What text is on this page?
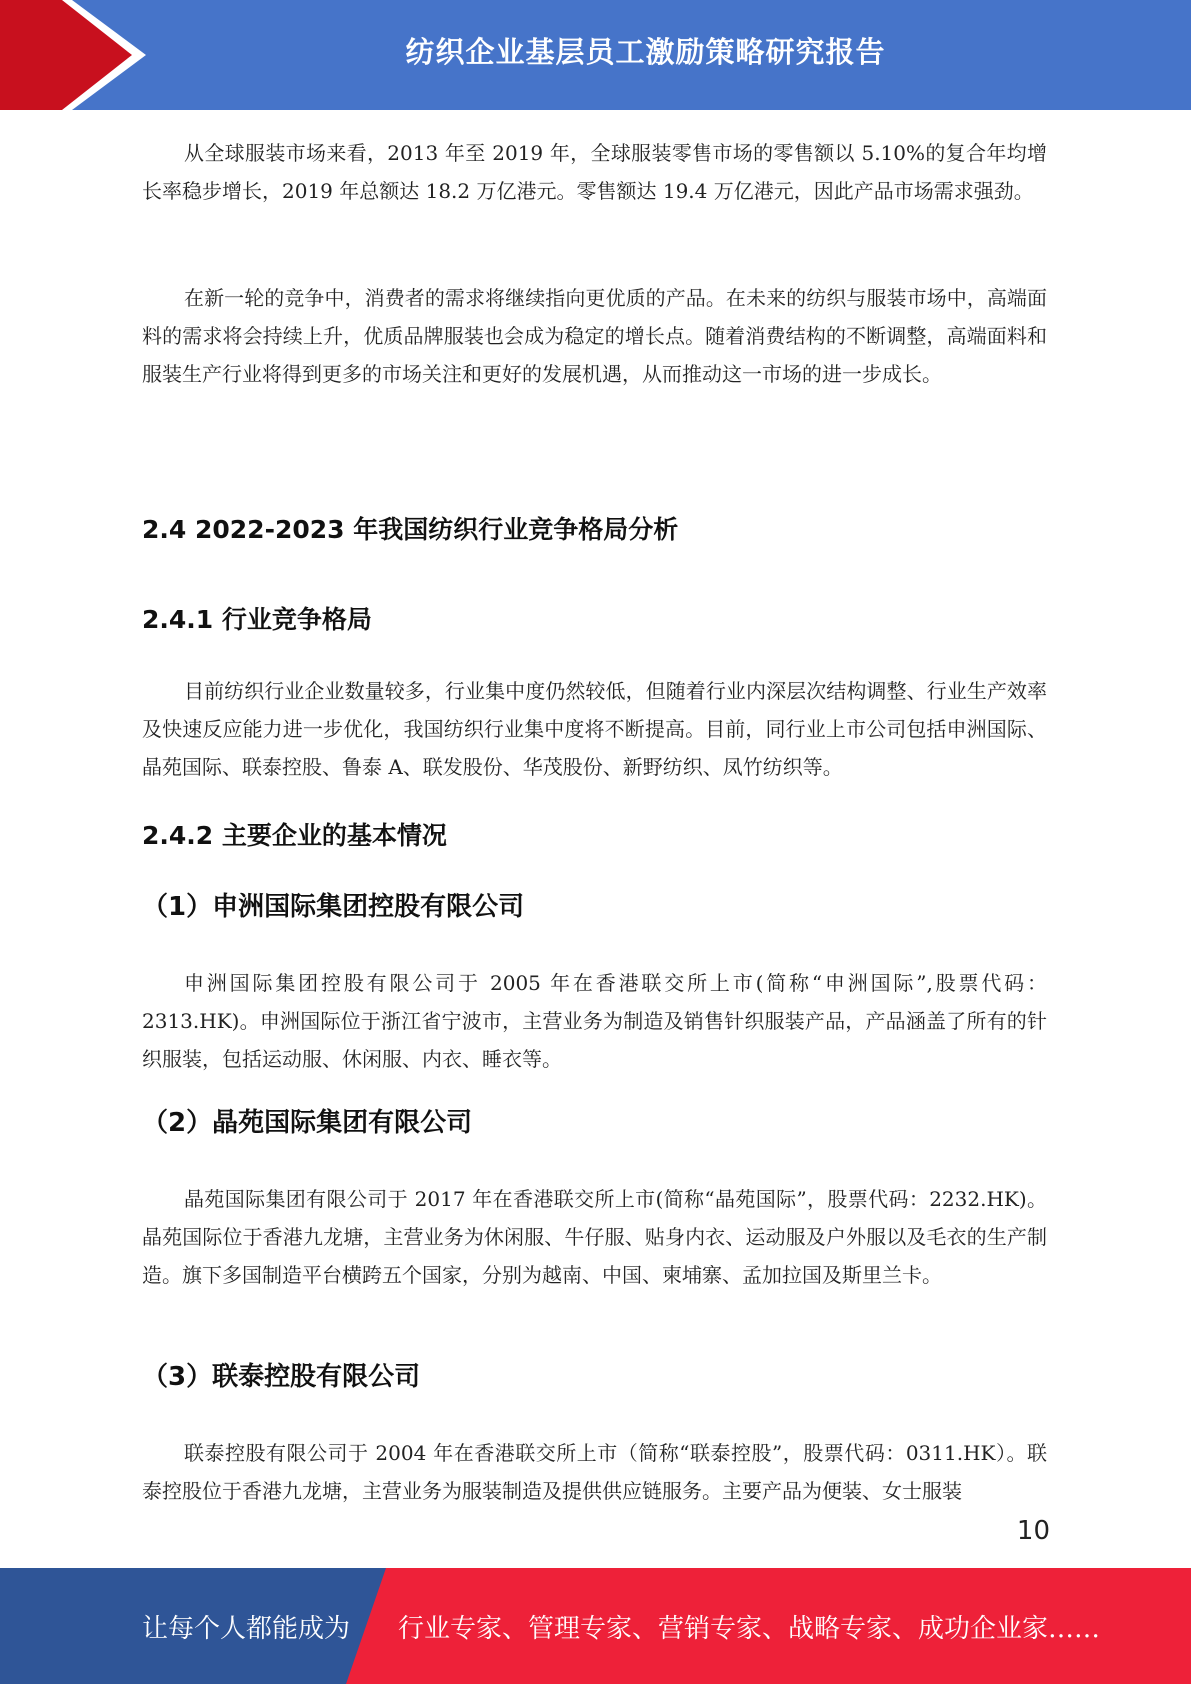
纺织企业基层员工激励策略研究报告

从全球服装市场来看，2013 年至 2019 年，全球服装零售市场的零售额以 5.10%的复合年均增长率稳步增长，2019 年总额达 18.2 万亿港元。零售额达 19.4 万亿港元，因此产品市场需求强劲。

在新一轮的竞争中，消费者的需求将继续指向更优质的产品。在未来的纺织与服装市场中，高端面料的需求将会持续上升，优质品牌服装也会成为稳定的增长点。随着消费结构的不断调整，高端面料和服装生产行业将得到更多的市场关注和更好的发展机遇，从而推动这一市场的进一步成长。

2.4 2022-2023 年我国纺织行业竞争格局分析
2.4.1 行业竞争格局

目前纺织行业企业数量较多，行业集中度仍然较低，但随着行业内深层次结构调整、行业生产效率及快速反应能力进一步优化，我国纺织行业集中度将不断提高。目前，同行业上市公司包括申洲国际、晶苑国际、联泰控股、鲁泰 A、联发股份、华茂股份、新野纺织、凤竹纺织等。

2.4.2 主要企业的基本情况
（1）申洲国际集团控股有限公司

申洲国际集团控股有限公司于 2005 年在香港联交所上市(简称“申洲国际”,股票代码：2313.HK)。申洲国际位于浙江省宁波市，主营业务为制造及销售针织服装产品，产品涵盖了所有的针织服装，包括运动服、休闲服、内衣、睡衣等。

（2）晶苑国际集团有限公司

晶苑国际集团有限公司于 2017 年在香港联交所上市(简称“晶苑国际”，股票代码：2232.HK)。晶苑国际位于香港九龙塘，主营业务为休闲服、牛仔服、贴身内衣、运动服及户外服以及毛衣的生产制造。旗下多国制造平台横跨五个国家，分别为越南、中国、柬埔寨、孟加拉国及斯里兰卡。

（3）联泰控股有限公司

联泰控股有限公司于 2004 年在香港联交所上市（简称“联泰控股”，股票代码：0311.HK）。联泰控股位于香港九龙塘，主营业务为服装制造及提供供应链服务。主要产品为便装、女士服装

10
让每个人都能成为 行业专家、管理专家、营销专家、战略专家、成功企业家……
